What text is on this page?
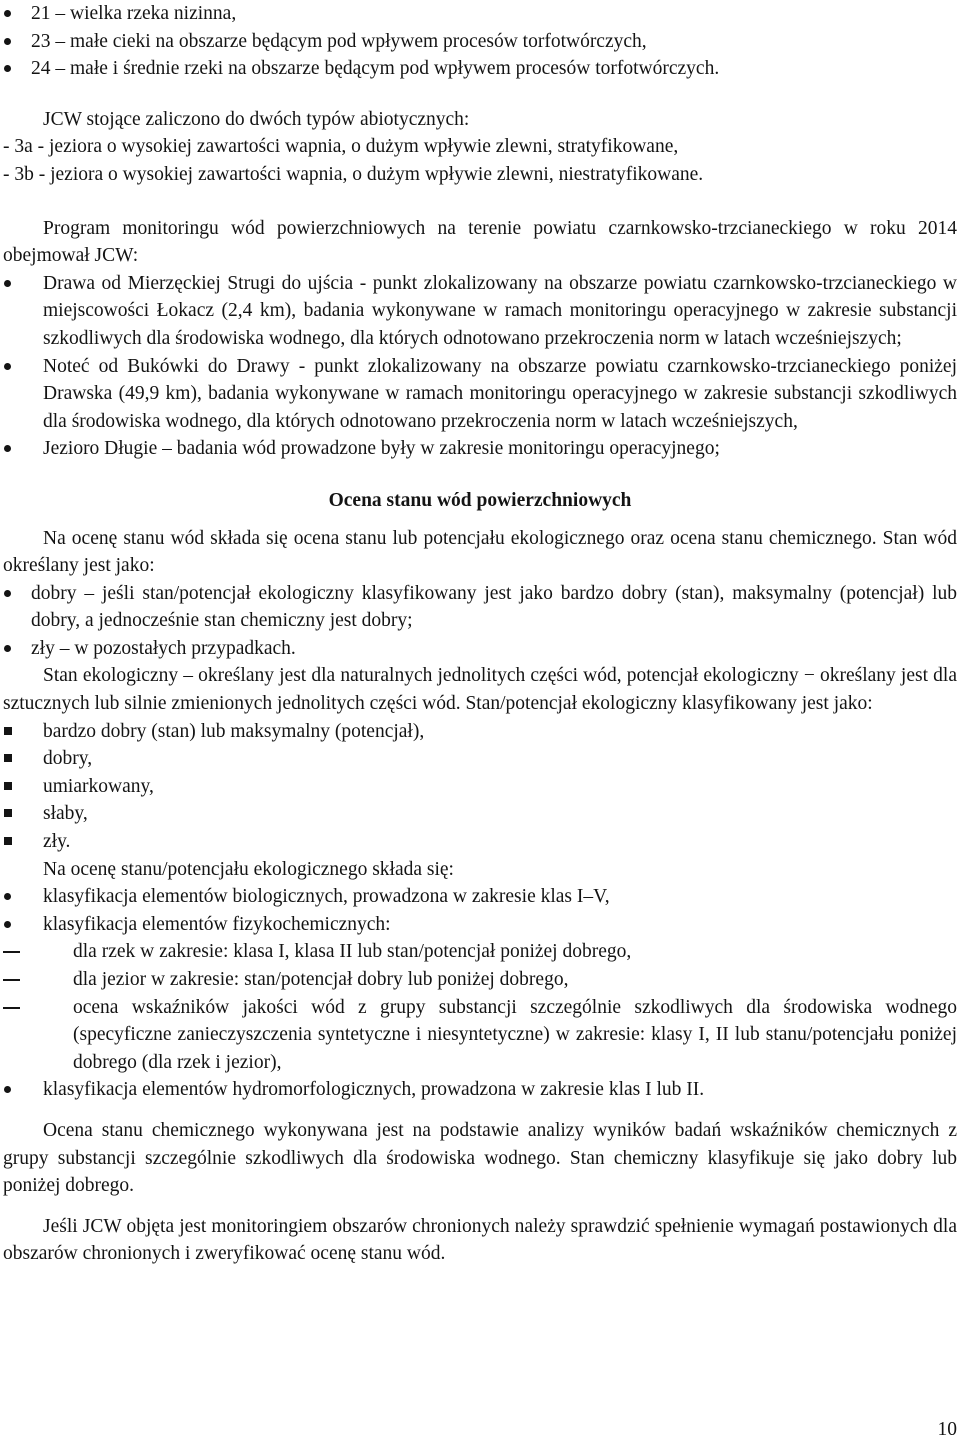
21 – wielka rzeka nizinna,
23 – małe cieki na obszarze będącym pod wpływem procesów torfotwórczych,
24 – małe i średnie rzeki na obszarze będącym pod wpływem procesów torfotwórczych.

JCW stojące zaliczono do dwóch typów abiotycznych:

- 3a - jeziora o wysokiej zawartości wapnia, o dużym wpływie zlewni, stratyfikowane,

- 3b - jeziora o wysokiej zawartości wapnia, o dużym wpływie zlewni, niestratyfikowane.

Program monitoringu wód powierzchniowych na terenie powiatu czarnkowsko-trzcianeckiego w roku 2014 obejmował JCW:

Drawa od Mierzęckiej Strugi do ujścia - punkt zlokalizowany na obszarze powiatu czarnkowsko-trzcianeckiego w miejscowości Łokacz (2,4 km), badania wykonywane w ramach monitoringu operacyjnego w zakresie substancji szkodliwych dla środowiska wodnego, dla których odnotowano przekroczenia norm w latach wcześniejszych;
Noteć od Bukówki do Drawy - punkt zlokalizowany na obszarze powiatu czarnkowsko-trzcianeckiego poniżej Drawska (49,9 km), badania wykonywane w ramach monitoringu operacyjnego w zakresie substancji szkodliwych dla środowiska wodnego, dla których odnotowano przekroczenia norm w latach wcześniejszych,
Jezioro Długie – badania wód prowadzone były w zakresie monitoringu operacyjnego;

Ocena stanu wód powierzchniowych

Na ocenę stanu wód składa się ocena stanu lub potencjału ekologicznego oraz ocena stanu chemicznego. Stan wód określany jest jako:

dobry – jeśli stan/potencjał ekologiczny klasyfikowany jest jako bardzo dobry (stan), maksymalny (potencjał) lub dobry, a jednocześnie stan chemiczny jest dobry;
zły – w pozostałych przypadkach.

Stan ekologiczny – określany jest dla naturalnych jednolitych części wód, potencjał ekologiczny − określany jest dla sztucznych lub silnie zmienionych jednolitych części wód. Stan/potencjał ekologiczny klasyfikowany jest jako:

bardzo dobry (stan) lub maksymalny (potencjał),
dobry,
umiarkowany,
słaby,
zły.

Na ocenę stanu/potencjału ekologicznego składa się:

klasyfikacja elementów biologicznych, prowadzona w zakresie klas I–V,
klasyfikacja elementów fizykochemicznych:
dla rzek w zakresie: klasa I, klasa II lub stan/potencjał poniżej dobrego,
dla jezior w zakresie: stan/potencjał dobry lub poniżej dobrego,
ocena wskaźników jakości wód z grupy substancji szczególnie szkodliwych dla środowiska wodnego (specyficzne zanieczyszczenia syntetyczne i niesyntetyczne) w zakresie: klasy I, II lub stanu/potencjału poniżej dobrego (dla rzek i jezior),
klasyfikacja elementów hydromorfologicznych, prowadzona w zakresie klas I lub II.

Ocena stanu chemicznego wykonywana jest na podstawie analizy wyników badań wskaźników chemicznych z grupy substancji szczególnie szkodliwych dla środowiska wodnego. Stan chemiczny klasyfikuje się jako dobry lub poniżej dobrego.

Jeśli JCW objęta jest monitoringiem obszarów chronionych należy sprawdzić spełnienie wymagań postawionych dla obszarów chronionych i zweryfikować ocenę stanu wód.

10
